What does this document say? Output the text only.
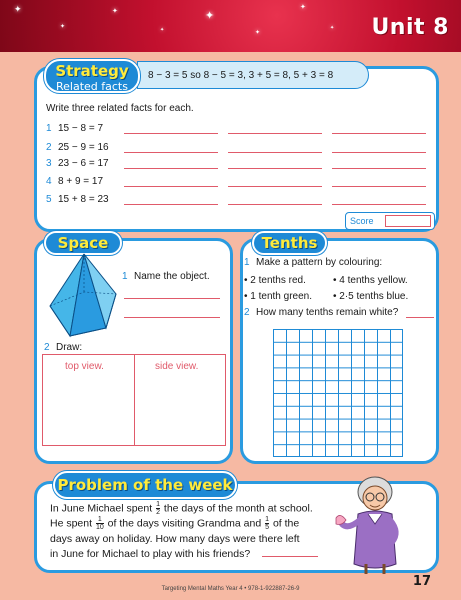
✦
✦
✦
✦
✦
✦
✦
✦ Unit 8
8 − 3 = 5 so 8 − 5 = 3, 3 + 5 = 8, 5 + 3 = 8
Strategy
Related facts
Write three related facts for each.
1 15 − 8 = 7
2 25 − 9 = 16
3 23 − 6 = 17
4 8 + 9 = 17
5 15 + 8 = 23
Score
Space
1 Name the object.
2 Draw:
top view.	side view.
Tenths
1 Make a pattern by colouring:
• 2 tenths red.	• 4 tenths yellow.
• 1 tenth green. • 2·5 tenths blue.
2 How many tenths remain white?
Problem of the week
In June Michael spent $\frac{1}{2}$ the days of the month at school.
He spent $\frac{1}{10}$ of the days visiting Grandma and $\frac{1}{5}$ of the
days away on holiday. How many days were there left
in June for Michael to play with his friends?
Targeting Mental Maths Year 4 • 978-1-922887-26-9	17
